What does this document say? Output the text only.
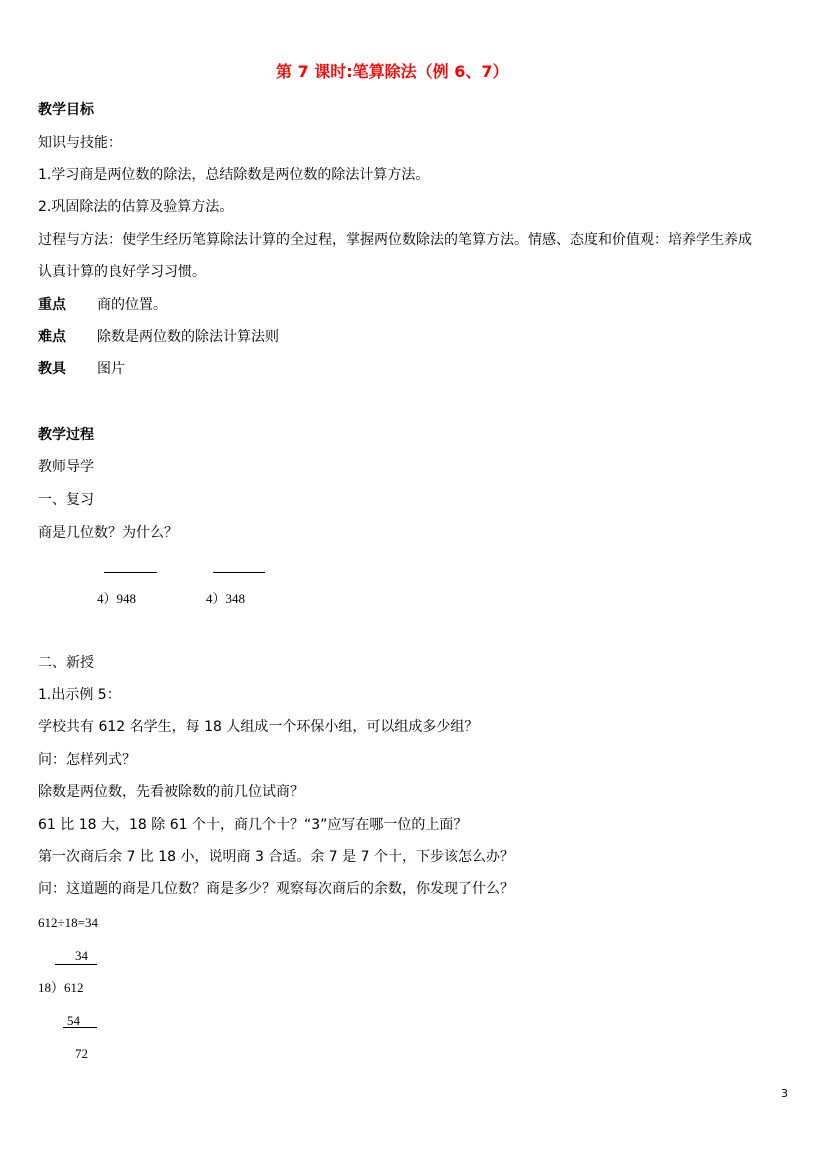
第 7 课时:笔算除法（例 6、7）
教学目标
知识与技能：
1.学习商是两位数的除法，总结除数是两位数的除法计算方法。
2.巩固除法的估算及验算方法。
过程与方法：使学生经历笔算除法计算的全过程，掌握两位数除法的笔算方法。情感、态度和价值观：培养学生养成
认真计算的良好学习习惯。
重点 商的位置。
难点 除数是两位数的除法计算法则
教具 图片
教学过程
教师导学
一、复习
商是几位数？为什么？
4）948	4）348
二、新授
1.出示例 5：
学校共有 612 名学生，每 18 人组成一个环保小组，可以组成多少组？
问：怎样列式？
除数是两位数，先看被除数的前几位试商？
61 比 18 大，18 除 61 个十，商几个十？“3”应写在哪一位的上面？
第一次商后余 7 比 18 小，说明商 3 合适。余 7 是 7 个十，下步该怎么办？
问：这道题的商是几位数？商是多少？观察每次商后的余数，你发现了什么？
612÷18=34
34
18）612
54
72
3
